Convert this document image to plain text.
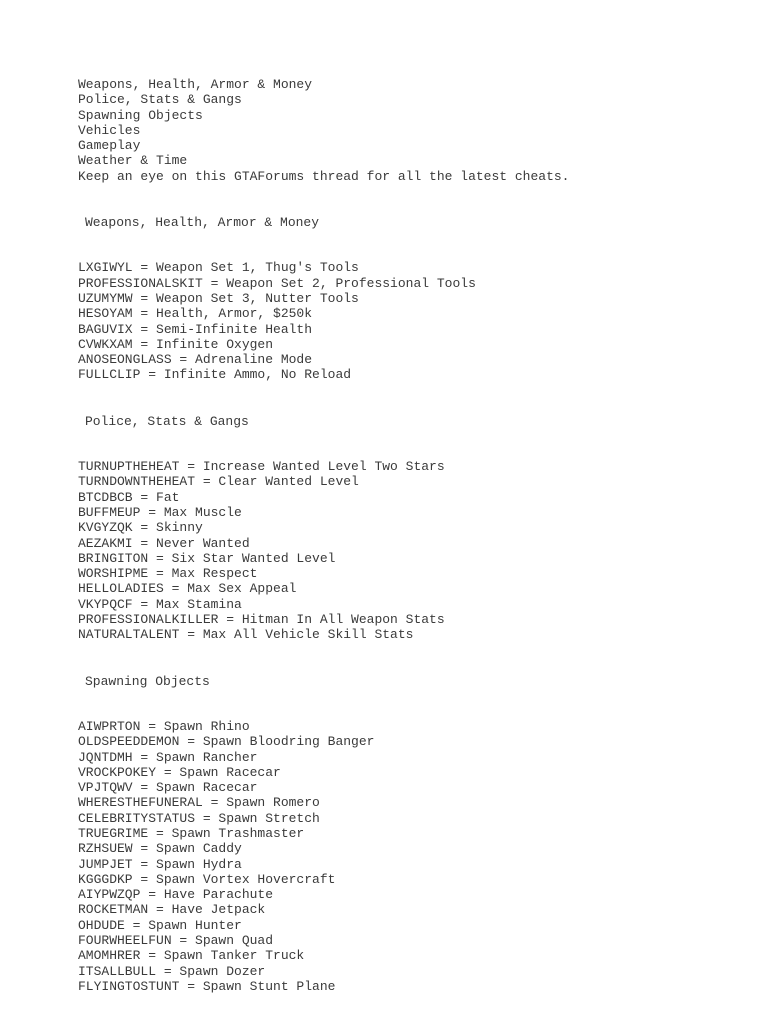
Weapons, Health, Armor & Money
Police, Stats & Gangs
Spawning Objects
Vehicles
Gameplay
Weather & Time
Keep an eye on this GTAForums thread for all the latest cheats.
Weapons, Health, Armor & Money
LXGIWYL = Weapon Set 1, Thug's Tools
PROFESSIONALSKIT = Weapon Set 2, Professional Tools
UZUMYMW = Weapon Set 3, Nutter Tools
HESOYAM = Health, Armor, $250k
BAGUVIX = Semi-Infinite Health
CVWKXAM = Infinite Oxygen
ANOSEONGLASS = Adrenaline Mode
FULLCLIP = Infinite Ammo, No Reload
Police, Stats & Gangs
TURNUPTHEHEAT = Increase Wanted Level Two Stars
TURNDOWNTHEHEAT = Clear Wanted Level
BTCDBCB = Fat
BUFFMEUP = Max Muscle
KVGYZQK = Skinny
AEZAKMI = Never Wanted
BRINGITON = Six Star Wanted Level
WORSHIPME = Max Respect
HELLOLADIES = Max Sex Appeal
VKYPQCF = Max Stamina
PROFESSIONALKILLER = Hitman In All Weapon Stats
NATURALTALENT = Max All Vehicle Skill Stats
Spawning Objects
AIWPRTON = Spawn Rhino
OLDSPEEDDEMON = Spawn Bloodring Banger
JQNTDMH = Spawn Rancher
VROCKPOKEY = Spawn Racecar
VPJTQWV = Spawn Racecar
WHERESTHEFUNERAL = Spawn Romero
CELEBRITYSTATUS = Spawn Stretch
TRUEGRIME = Spawn Trashmaster
RZHSUEW = Spawn Caddy
JUMPJET = Spawn Hydra
KGGGDKP = Spawn Vortex Hovercraft
AIYPWZQP = Have Parachute
ROCKETMAN = Have Jetpack
OHDUDE = Spawn Hunter
FOURWHEELFUN = Spawn Quad
AMOMHRER = Spawn Tanker Truck
ITSALLBULL = Spawn Dozer
FLYINGTOSTUNT = Spawn Stunt Plane
